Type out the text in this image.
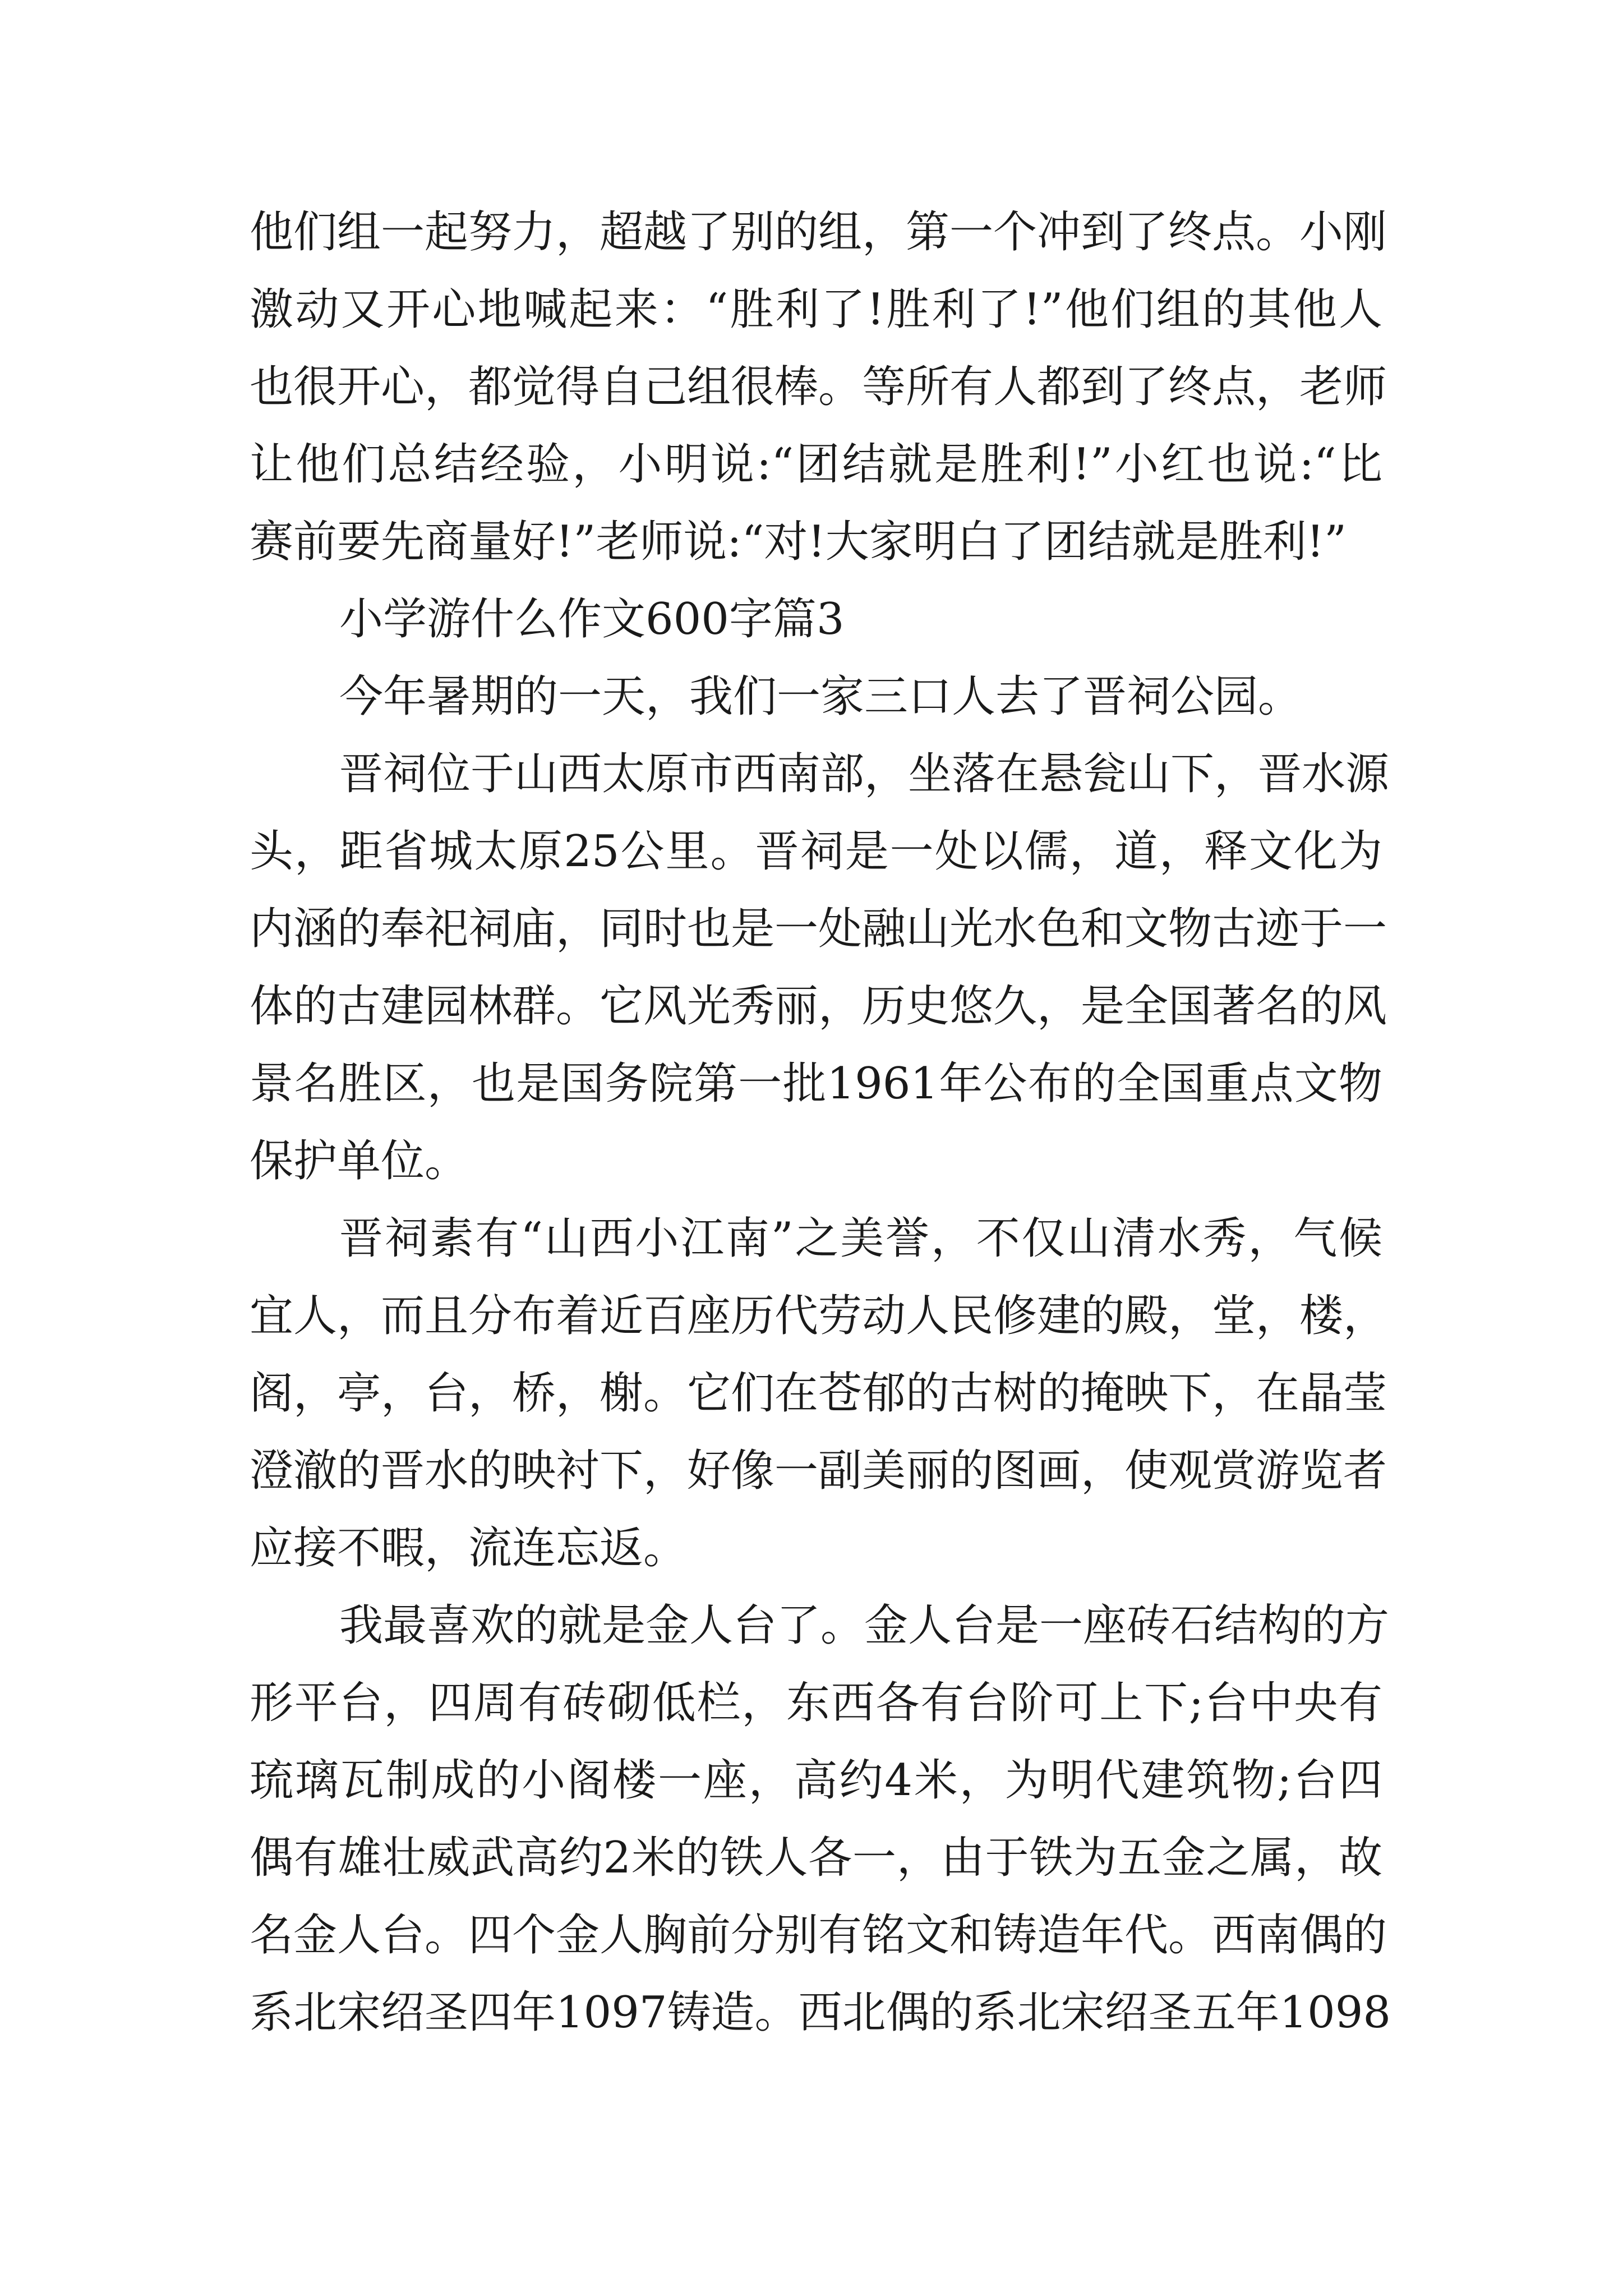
他们组一起努力，超越了别的组，第一个冲到了终点。小刚
激动又开心地喊起来：“胜利了!胜利了!”他们组的其他人
也很开心，都觉得自己组很棒。等所有人都到了终点，老师
让他们总结经验，小明说:“团结就是胜利!”小红也说:“比
赛前要先商量好!”老师说:“对!大家明白了团结就是胜利!”
小学游什么作文600字篇3
今年暑期的一天，我们一家三口人去了晋祠公园。
晋祠位于山西太原市西南部，坐落在悬瓮山下，晋水源
头，距省城太原25公里。晋祠是一处以儒，道，释文化为
内涵的奉祀祠庙，同时也是一处融山光水色和文物古迹于一
体的古建园林群。它风光秀丽，历史悠久，是全国著名的风
景名胜区，也是国务院第一批1961年公布的全国重点文物
保护单位。
晋祠素有“山西小江南”之美誉，不仅山清水秀，气候
宜人，而且分布着近百座历代劳动人民修建的殿，堂，楼，
阁，亭，台，桥，榭。它们在苍郁的古树的掩映下，在晶莹
澄澈的晋水的映衬下，好像一副美丽的图画，使观赏游览者
应接不暇，流连忘返。
我最喜欢的就是金人台了。金人台是一座砖石结构的方
形平台，四周有砖砌低栏，东西各有台阶可上下;台中央有
琉璃瓦制成的小阁楼一座，高约4米，为明代建筑物;台四
偶有雄壮威武高约2米的铁人各一，由于铁为五金之属，故
名金人台。四个金人胸前分别有铭文和铸造年代。西南偶的
系北宋绍圣四年1097铸造。西北偶的系北宋绍圣五年1098
